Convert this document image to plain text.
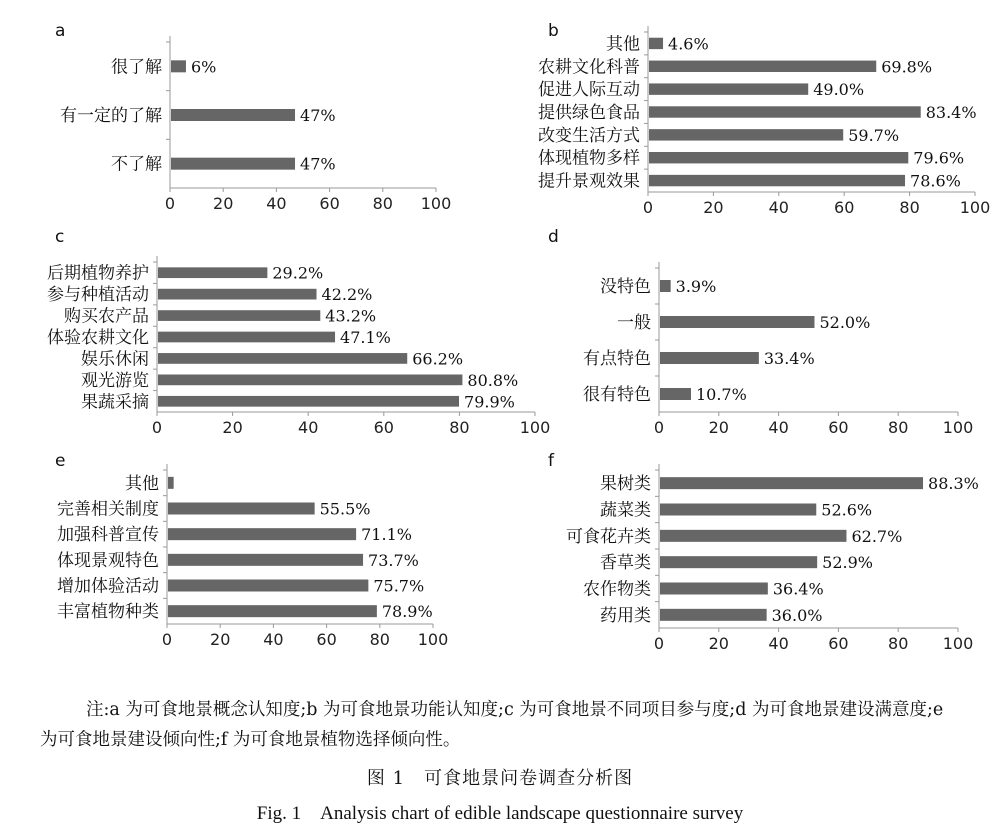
a
0 20 40 60 80 100
很了解 6%
有一定的了解	47%
不了解	47%
b
0	20	40	60	80 100
其他 4.6%
农耕文化科普	69.8%
促进人际互动	49.0%
提供绿色食品	83.4%
改变生活方式	59.7%
体现植物多样	79.6%
提升景观效果	78.6%
c
0	20	40	60	80	100
后期植物养护	29.2%
参与种植活动	42.2%
购买农产品	43.2%
体验农耕文化	47.1%
娱乐休闲	66.2%
观光游览	80.8%
果蔬采摘	79.9%
d
0	20 40 60 80 100
没特色 3.9%
一般	52.0%
有点特色	33.4%
很有特色	10.7%
e
0 20 40 60 80 100
其他
完善相关制度	55.5%
加强科普宣传	71.1%
体现景观特色	73.7%
增加体验活动	75.7%
丰富植物种类	78.9%
f
0	20 40 60 80 100
果树类	88.3%
蔬菜类	52.6%
可食花卉类	62.7%
香草类	52.9%
农作物类	36.4%
药用类	36.0%
注:a 为可食地景概念认知度;b 为可食地景功能认知度;c 为可食地景不同项目参与度;d 为可食地景建设满意度;e 为可食地景建设倾向性;f 为可食地景植物选择倾向性。
图 1　可食地景问卷调查分析图
Fig. 1　Analysis chart of edible landscape questionnaire survey
